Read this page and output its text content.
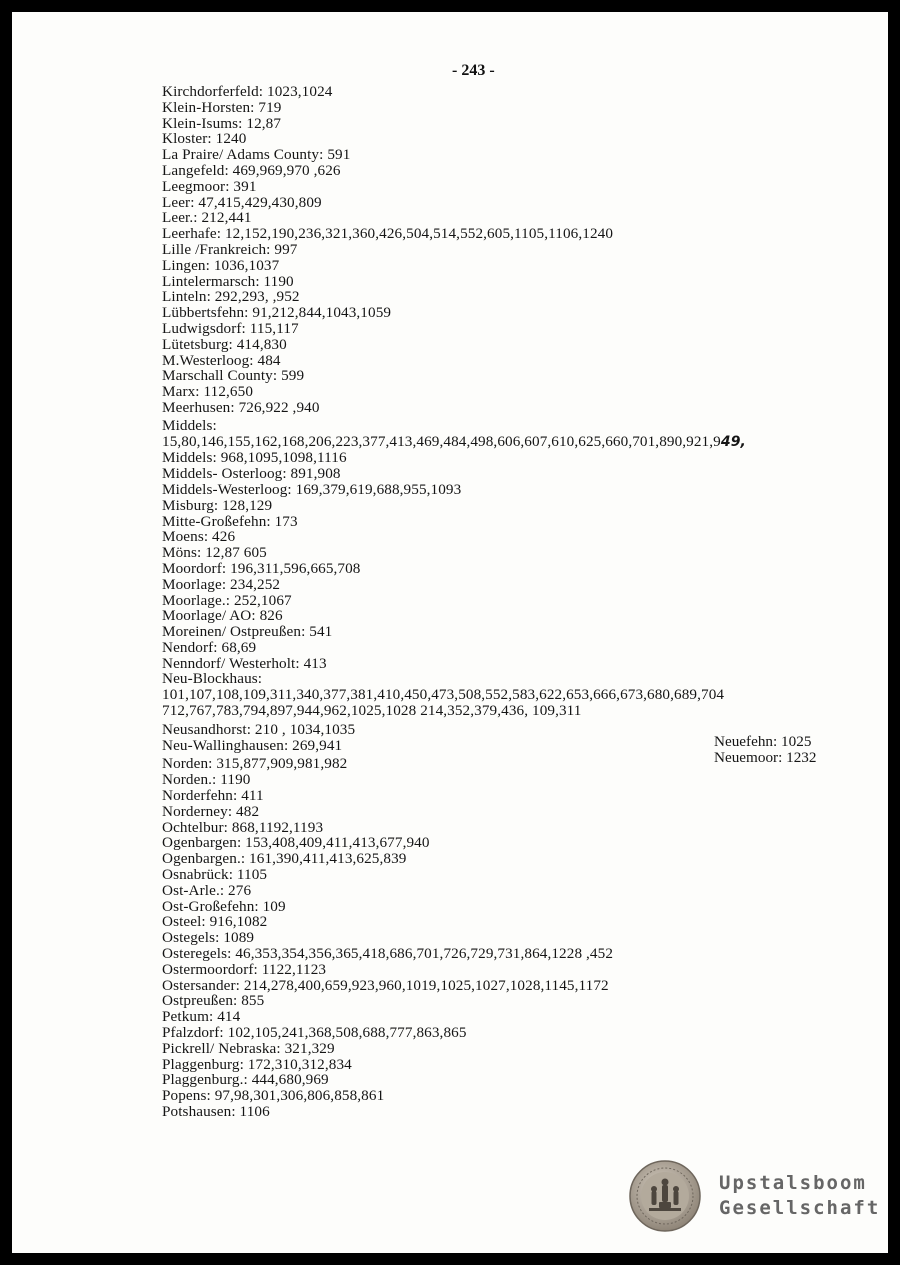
- 243 -
Kirchdorferfeld: 1023,1024
Klein-Horsten: 719
Klein-Isums: 12,87
Kloster: 1240
La Praire/ Adams County: 591
Langefeld: 469,969,970 ,626
Leegmoor: 391
Leer: 47,415,429,430,809
Leer.: 212,441
Leerhafe: 12,152,190,236,321,360,426,504,514,552,605,1105,1106,1240
Lille /Frankreich: 997
Lingen: 1036,1037
Lintelermarsch: 1190
Linteln: 292,293, ,952
Lübbertsfehn: 91,212,844,1043,1059
Ludwigsdorf: 115,117
Lütetsburg: 414,830
M.Westerloog: 484
Marschall County: 599
Marx: 112,650
Meerhusen: 726,922 ,940
Middels:
15,80,146,155,162,168,206,223,377,413,469,484,498,606,607,610,625,660,701,890,921,949,
Middels: 968,1095,1098,1116
Middels- Osterloog: 891,908
Middels-Westerloog: 169,379,619,688,955,1093
Misburg: 128,129
Mitte-Großefehn: 173
Moens: 426
Möns: 12,87 605
Moordorf: 196,311,596,665,708
Moorlage: 234,252
Moorlage.: 252,1067
Moorlage/ AO: 826
Moreinen/ Ostpreußen: 541
Nendorf: 68,69
Nenndorf/ Westerholt: 413
Neu-Blockhaus:
101,107,108,109,311,340,377,381,410,450,473,508,552,583,622,653,666,673,680,689,704
712,767,783,794,897,944,962,1025,1028 214,352,379,436, 109,311
Neusandhorst: 210 , 1034,1035
Neu-Wallinghausen: 269,941
Norden: 315,877,909,981,982
Norden.: 1190
Norderfehn: 411
Norderney: 482
Ochtelbur: 868,1192,1193
Ogenbargen: 153,408,409,411,413,677,940
Ogenbargen.: 161,390,411,413,625,839
Osnabrück: 1105
Ost-Arle.: 276
Ost-Großefehn: 109
Osteel: 916,1082
Ostegels: 1089
Osteregels: 46,353,354,356,365,418,686,701,726,729,731,864,1228 ,452
Ostermoordorf: 1122,1123
Ostersander: 214,278,400,659,923,960,1019,1025,1027,1028,1145,1172
Ostpreußen: 855
Petkum: 414
Pfalzdorf: 102,105,241,368,508,688,777,863,865
Pickrell/ Nebraska: 321,329
Plaggenburg: 172,310,312,834
Plaggenburg.: 444,680,969
Popens: 97,98,301,306,806,858,861
Potshausen: 1106
Neuefehn: 1025
Neuemoor: 1232
Upstalsboom
Gesellschaft
